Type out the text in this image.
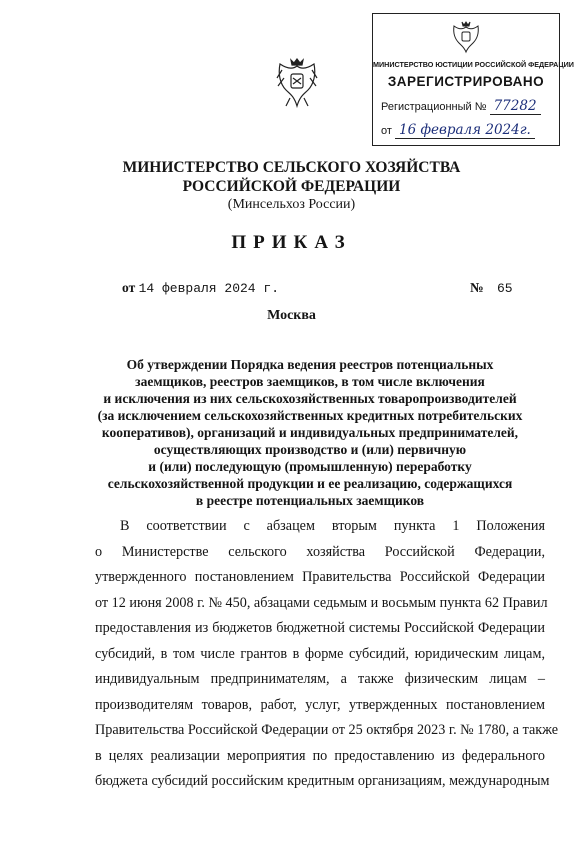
МИНИСТЕРСТВО ЮСТИЦИИ РОССИЙСКОЙ ФЕДЕРАЦИИ
ЗАРЕГИСТРИРОВАНО
Регистрационный № 77282
от 16 февраля 2024г.
МИНИСТЕРСТВО СЕЛЬСКОГО ХОЗЯЙСТВА
РОССИЙСКОЙ ФЕДЕРАЦИИ
(Минсельхоз России)
ПРИКАЗ
от 14 февраля 2024 г.	№ 65
Москва
Об утверждении Порядка ведения реестров потенциальных
заемщиков, реестров заемщиков, в том числе включения
и исключения из них сельскохозяйственных товаропроизводителей
(за исключением сельскохозяйственных кредитных потребительских
кооперативов), организаций и индивидуальных предпринимателей,
осуществляющих производство и (или) первичную
и (или) последующую (промышленную) переработку
сельскохозяйственной продукции и ее реализацию, содержащихся
в реестре потенциальных заемщиков
В соответствии с абзацем вторым пункта 1 Положения
о Министерстве сельского хозяйства Российской Федерации,
утвержденного постановлением Правительства Российской Федерации
от 12 июня 2008 г. № 450, абзацами седьмым и восьмым пункта 62 Правил
предоставления из бюджетов бюджетной системы Российской Федерации
субсидий, в том числе грантов в форме субсидий, юридическим лицам,
индивидуальным предпринимателям, а также физическим лицам –
производителям товаров, работ, услуг, утвержденных постановлением
Правительства Российской Федерации от 25 октября 2023 г. № 1780, а также
в целях реализации мероприятия по предоставлению из федерального
бюджета субсидий российским кредитным организациям, международным
